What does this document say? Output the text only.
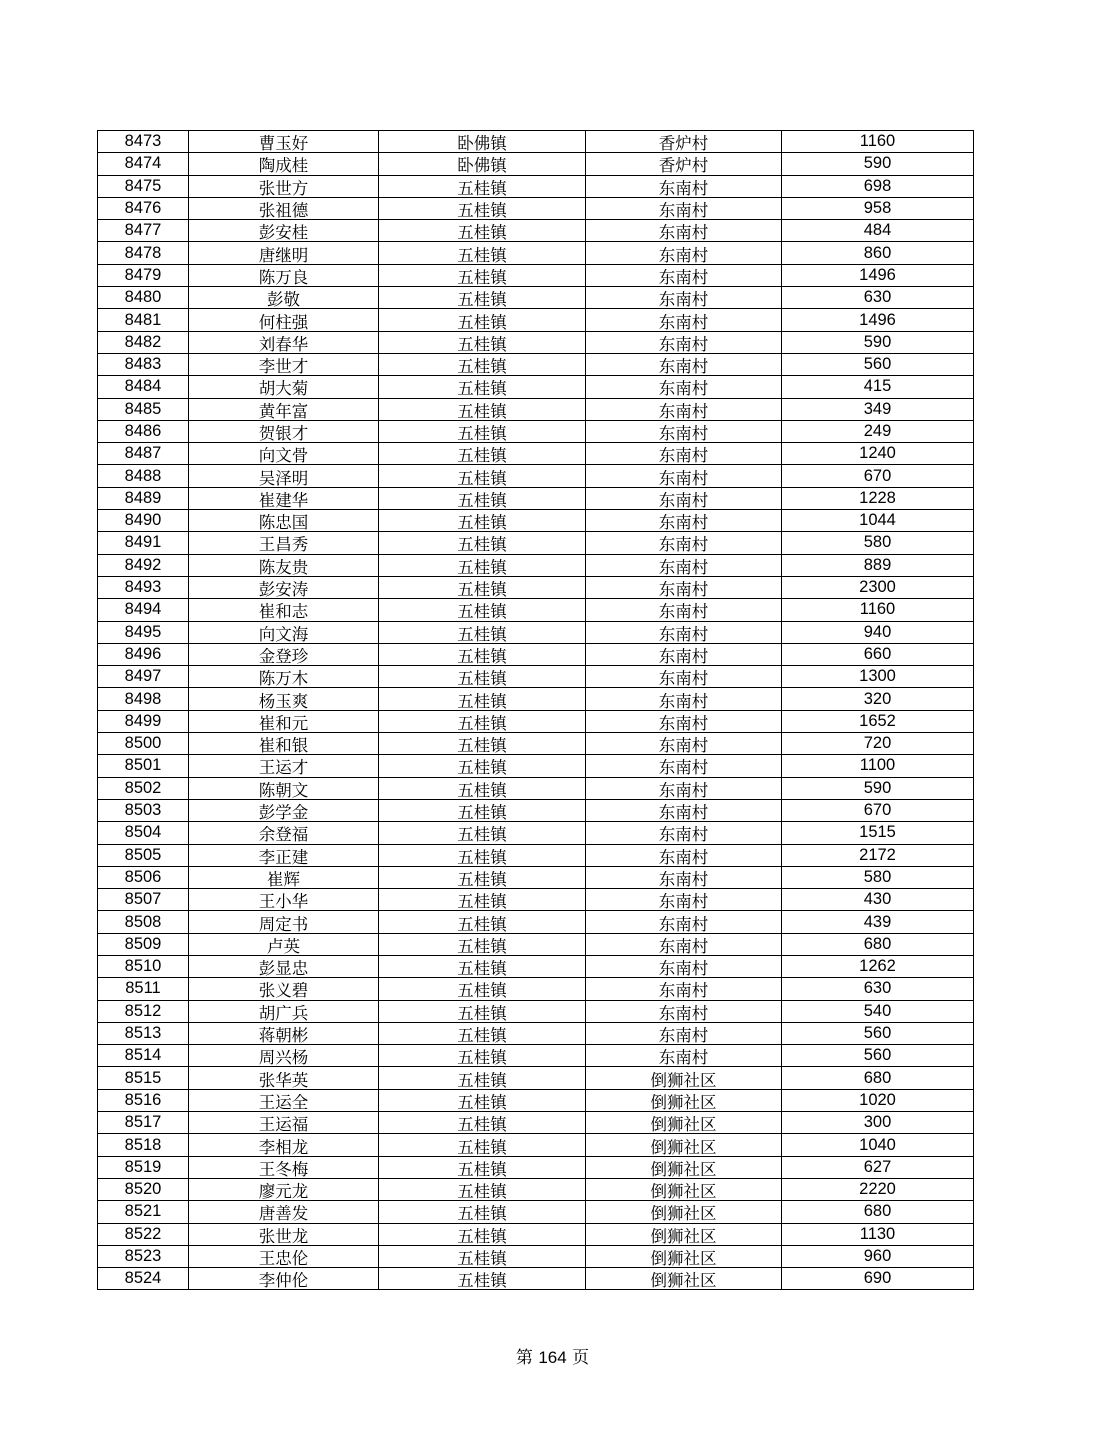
8473	曹玉好	卧佛镇	香炉村	1160
8474	陶成桂	卧佛镇	香炉村	590
8475	张世方	五桂镇	东南村	698
8476	张祖德	五桂镇	东南村	958
8477	彭安桂	五桂镇	东南村	484
8478	唐继明	五桂镇	东南村	860
8479	陈万良	五桂镇	东南村	1496
8480	彭敬	五桂镇	东南村	630
8481	何柱强	五桂镇	东南村	1496
8482	刘春华	五桂镇	东南村	590
8483	李世才	五桂镇	东南村	560
8484	胡大菊	五桂镇	东南村	415
8485	黄年富	五桂镇	东南村	349
8486	贺银才	五桂镇	东南村	249
8487	向文骨	五桂镇	东南村	1240
8488	吴泽明	五桂镇	东南村	670
8489	崔建华	五桂镇	东南村	1228
8490	陈忠国	五桂镇	东南村	1044
8491	王昌秀	五桂镇	东南村	580
8492	陈友贵	五桂镇	东南村	889
8493	彭安涛	五桂镇	东南村	2300
8494	崔和志	五桂镇	东南村	1160
8495	向文海	五桂镇	东南村	940
8496	金登珍	五桂镇	东南村	660
8497	陈万木	五桂镇	东南村	1300
8498	杨玉爽	五桂镇	东南村	320
8499	崔和元	五桂镇	东南村	1652
8500	崔和银	五桂镇	东南村	720
8501	王运才	五桂镇	东南村	1100
8502	陈朝文	五桂镇	东南村	590
8503	彭学金	五桂镇	东南村	670
8504	余登福	五桂镇	东南村	1515
8505	李正建	五桂镇	东南村	2172
8506	崔辉	五桂镇	东南村	580
8507	王小华	五桂镇	东南村	430
8508	周定书	五桂镇	东南村	439
8509	卢英	五桂镇	东南村	680
8510	彭显忠	五桂镇	东南村	1262
8511	张义碧	五桂镇	东南村	630
8512	胡广兵	五桂镇	东南村	540
8513	蒋朝彬	五桂镇	东南村	560
8514	周兴杨	五桂镇	东南村	560
8515	张华英	五桂镇	倒狮社区	680
8516	王运全	五桂镇	倒狮社区	1020
8517	王运福	五桂镇	倒狮社区	300
8518	李相龙	五桂镇	倒狮社区	1040
8519	王冬梅	五桂镇	倒狮社区	627
8520	廖元龙	五桂镇	倒狮社区	2220
8521	唐善发	五桂镇	倒狮社区	680
8522	张世龙	五桂镇	倒狮社区	1130
8523	王忠伦	五桂镇	倒狮社区	960
8524	李仲伦	五桂镇	倒狮社区	690
第 164 页
